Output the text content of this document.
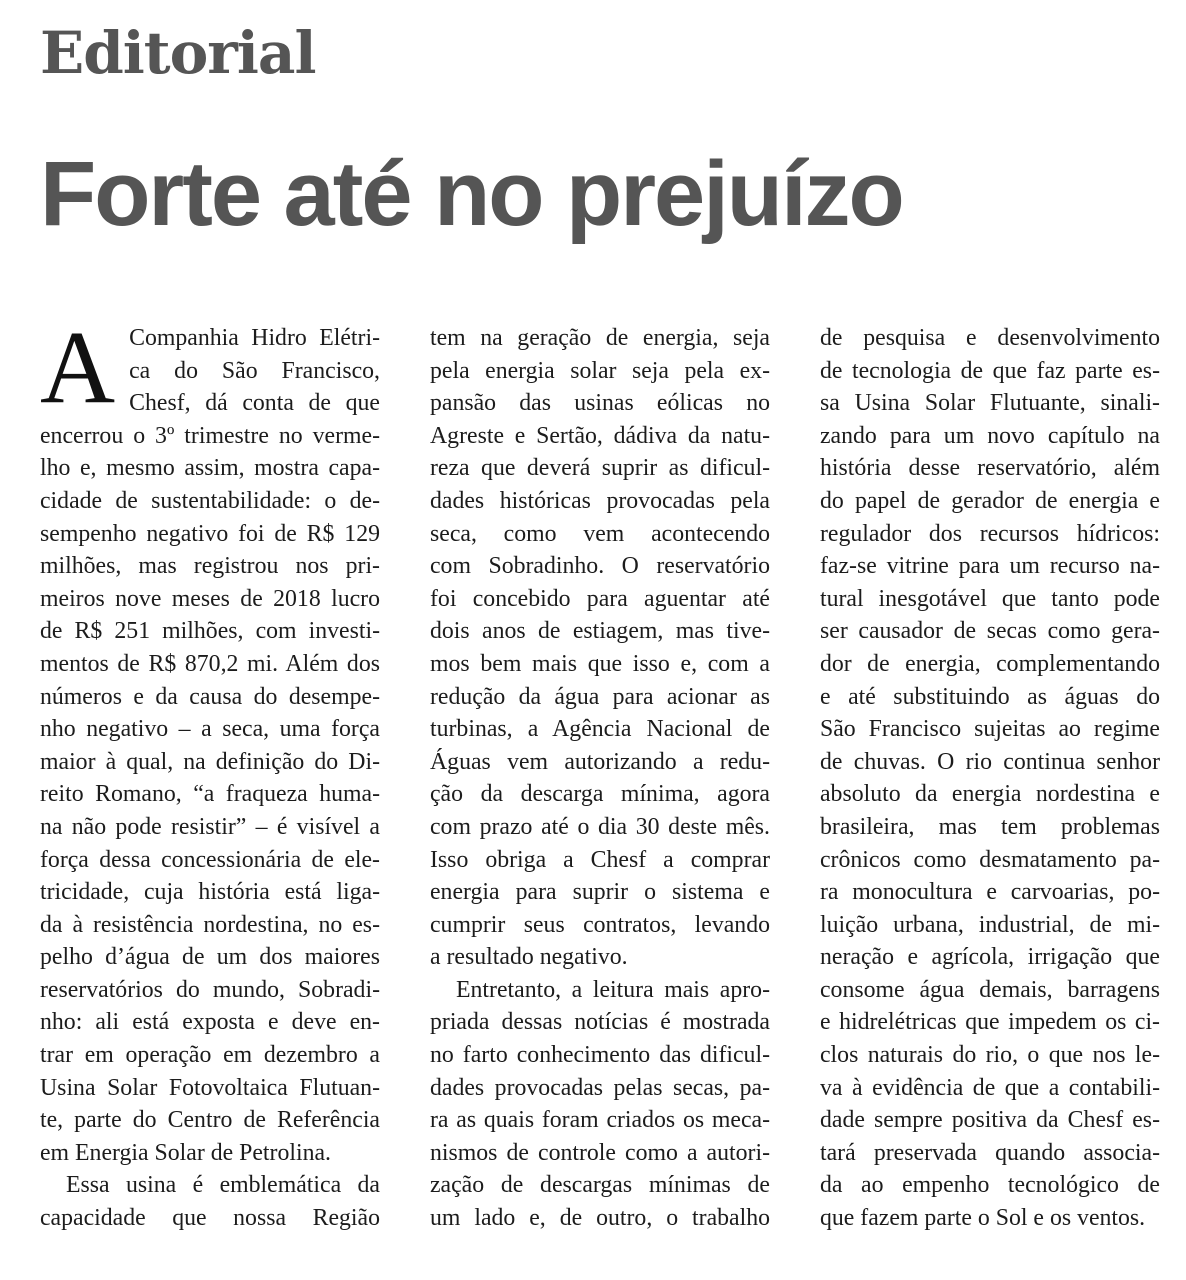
Editorial
Forte até no prejuízo

A Companhia Hidro Elétri-
ca do São Francisco,
Chesf, dá conta de que
encerrou o 3º trimestre no verme-
lho e, mesmo assim, mostra capa-
cidade de sustentabilidade: o de-
sempenho negativo foi de R$ 129
milhões, mas registrou nos pri-
meiros nove meses de 2018 lucro
de R$ 251 milhões, com investi-
mentos de R$ 870,2 mi. Além dos
números e da causa do desempe-
nho negativo – a seca, uma força
maior à qual, na definição do Di-
reito Romano, “a fraqueza huma-
na não pode resistir” – é visível a
força dessa concessionária de ele-
tricidade, cuja história está liga-
da à resistência nordestina, no es-
pelho d’água de um dos maiores
reservatórios do mundo, Sobradi-
nho: ali está exposta e deve en-
trar em operação em dezembro a
Usina Solar Fotovoltaica Flutuan-
te, parte do Centro de Referência
em Energia Solar de Petrolina.

Essa usina é emblemática da
capacidade que nossa Região

tem na geração de energia, seja
pela energia solar seja pela ex-
pansão das usinas eólicas no
Agreste e Sertão, dádiva da natu-
reza que deverá suprir as dificul-
dades históricas provocadas pela
seca, como vem acontecendo
com Sobradinho. O reservatório
foi concebido para aguentar até
dois anos de estiagem, mas tive-
mos bem mais que isso e, com a
redução da água para acionar as
turbinas, a Agência Nacional de
Águas vem autorizando a redu-
ção da descarga mínima, agora
com prazo até o dia 30 deste mês.
Isso obriga a Chesf a comprar
energia para suprir o sistema e
cumprir seus contratos, levando
a resultado negativo.

Entretanto, a leitura mais apro-
priada dessas notícias é mostrada
no farto conhecimento das dificul-
dades provocadas pelas secas, pa-
ra as quais foram criados os meca-
nismos de controle como a autori-
zação de descargas mínimas de
um lado e, de outro, o trabalho

de pesquisa e desenvolvimento
de tecnologia de que faz parte es-
sa Usina Solar Flutuante, sinali-
zando para um novo capítulo na
história desse reservatório, além
do papel de gerador de energia e
regulador dos recursos hídricos:
faz-se vitrine para um recurso na-
tural inesgotável que tanto pode
ser causador de secas como gera-
dor de energia, complementando
e até substituindo as águas do
São Francisco sujeitas ao regime
de chuvas. O rio continua senhor
absoluto da energia nordestina e
brasileira, mas tem problemas
crônicos como desmatamento pa-
ra monocultura e carvoarias, po-
luição urbana, industrial, de mi-
neração e agrícola, irrigação que
consome água demais, barragens
e hidrelétricas que impedem os ci-
clos naturais do rio, o que nos le-
va à evidência de que a contabili-
dade sempre positiva da Chesf es-
tará preservada quando associa-
da ao empenho tecnológico de
que fazem parte o Sol e os ventos.
